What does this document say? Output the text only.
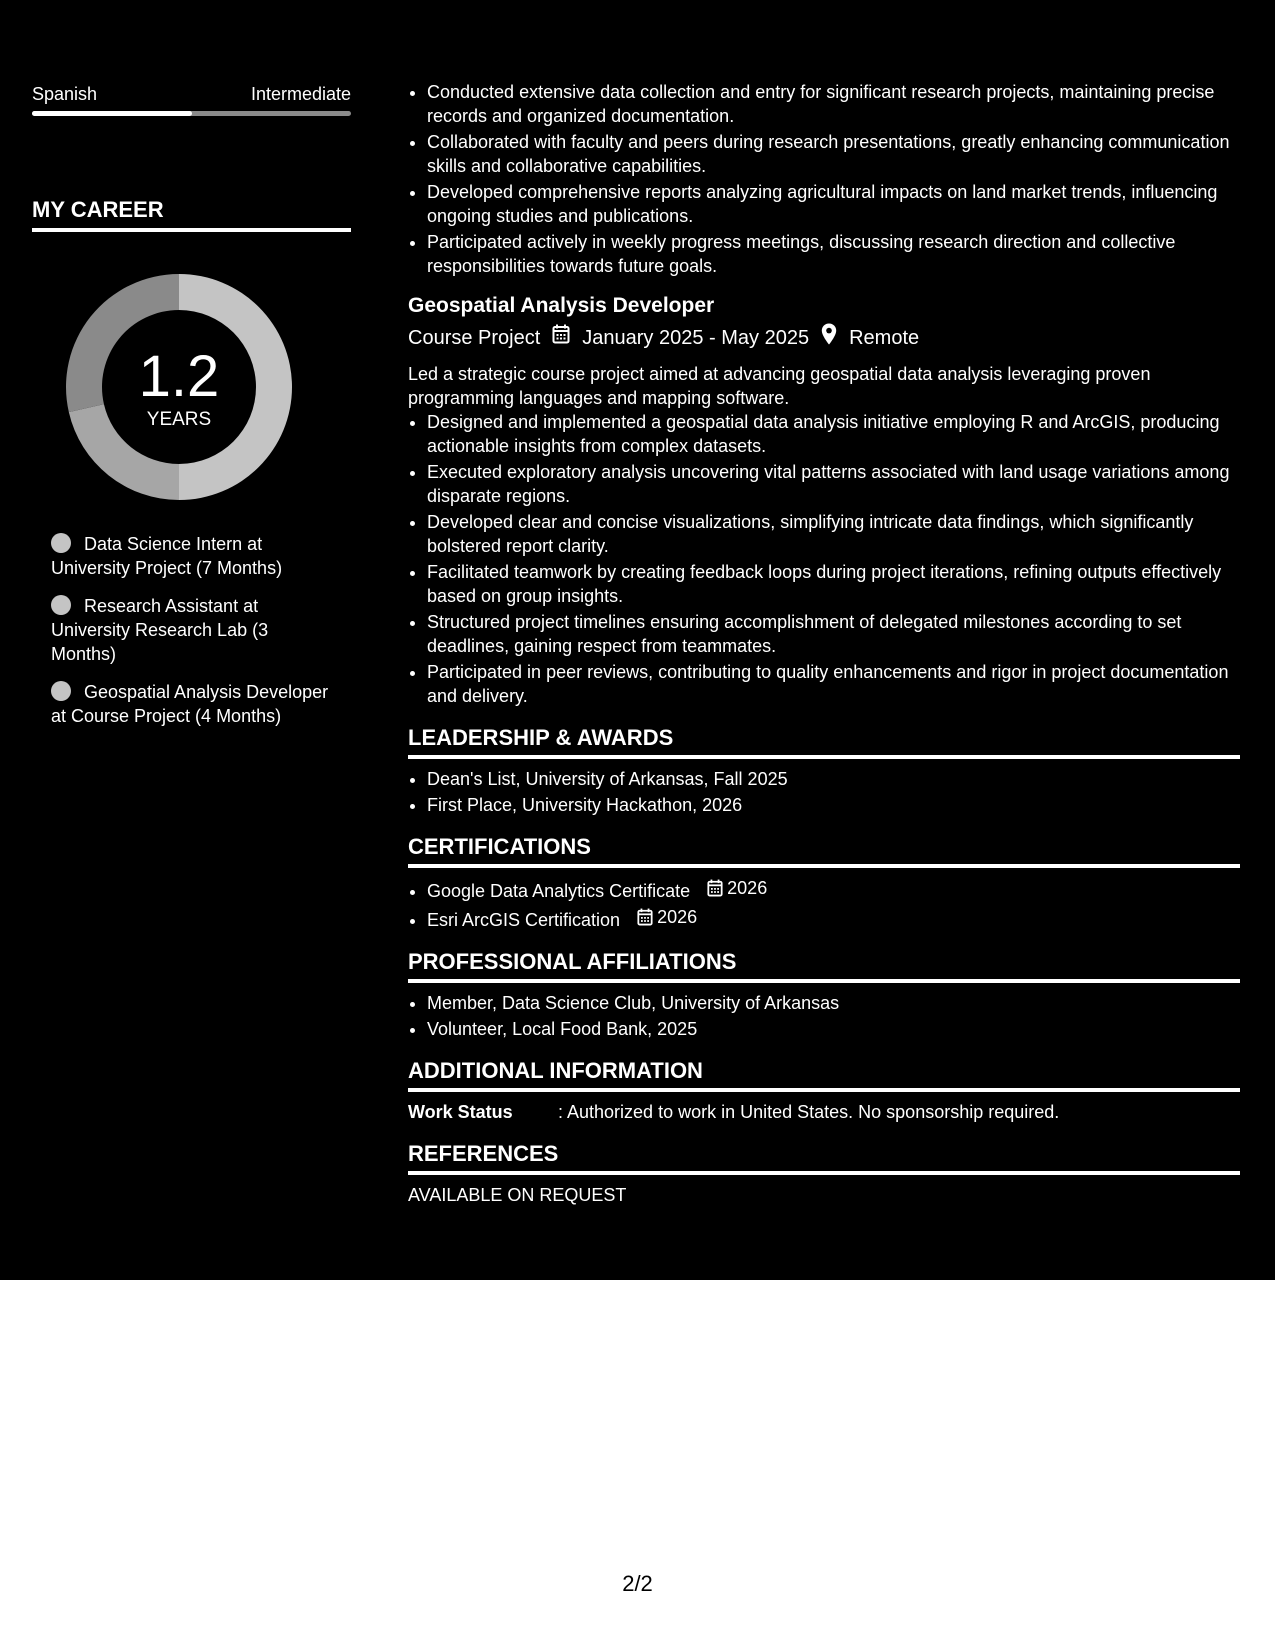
Spanish	Intermediate
MY CAREER
1.2
YEARS
Data Science Intern at University Project (7 Months)
Research Assistant at University Research Lab (3 Months)
Geospatial Analysis Developer at Course Project (4 Months)
• Conducted extensive data collection and entry for significant research projects, maintaining precise records and organized documentation.
• Collaborated with faculty and peers during research presentations, greatly enhancing communication skills and collaborative capabilities.
• Developed comprehensive reports analyzing agricultural impacts on land market trends, influencing ongoing studies and publications.
• Participated actively in weekly progress meetings, discussing research direction and collective responsibilities towards future goals.
Geospatial Analysis Developer
Course Project January 2025 - May 2025 Remote
Led a strategic course project aimed at advancing geospatial data analysis leveraging proven programming languages and mapping software.
• Designed and implemented a geospatial data analysis initiative employing R and ArcGIS, producing actionable insights from complex datasets.
• Executed exploratory analysis uncovering vital patterns associated with land usage variations among disparate regions.
• Developed clear and concise visualizations, simplifying intricate data findings, which significantly bolstered report clarity.
• Facilitated teamwork by creating feedback loops during project iterations, refining outputs effectively based on group insights.
• Structured project timelines ensuring accomplishment of delegated milestones according to set deadlines, gaining respect from teammates.
• Participated in peer reviews, contributing to quality enhancements and rigor in project documentation and delivery.
LEADERSHIP & AWARDS
• Dean's List, University of Arkansas, Fall 2025
• First Place, University Hackathon, 2026
CERTIFICATIONS
• Google Data Analytics Certificate 2026
• Esri ArcGIS Certification 2026
PROFESSIONAL AFFILIATIONS
• Member, Data Science Club, University of Arkansas
• Volunteer, Local Food Bank, 2025
ADDITIONAL INFORMATION
Work Status	: Authorized to work in United States. No sponsorship required.
REFERENCES
AVAILABLE ON REQUEST
2/2
